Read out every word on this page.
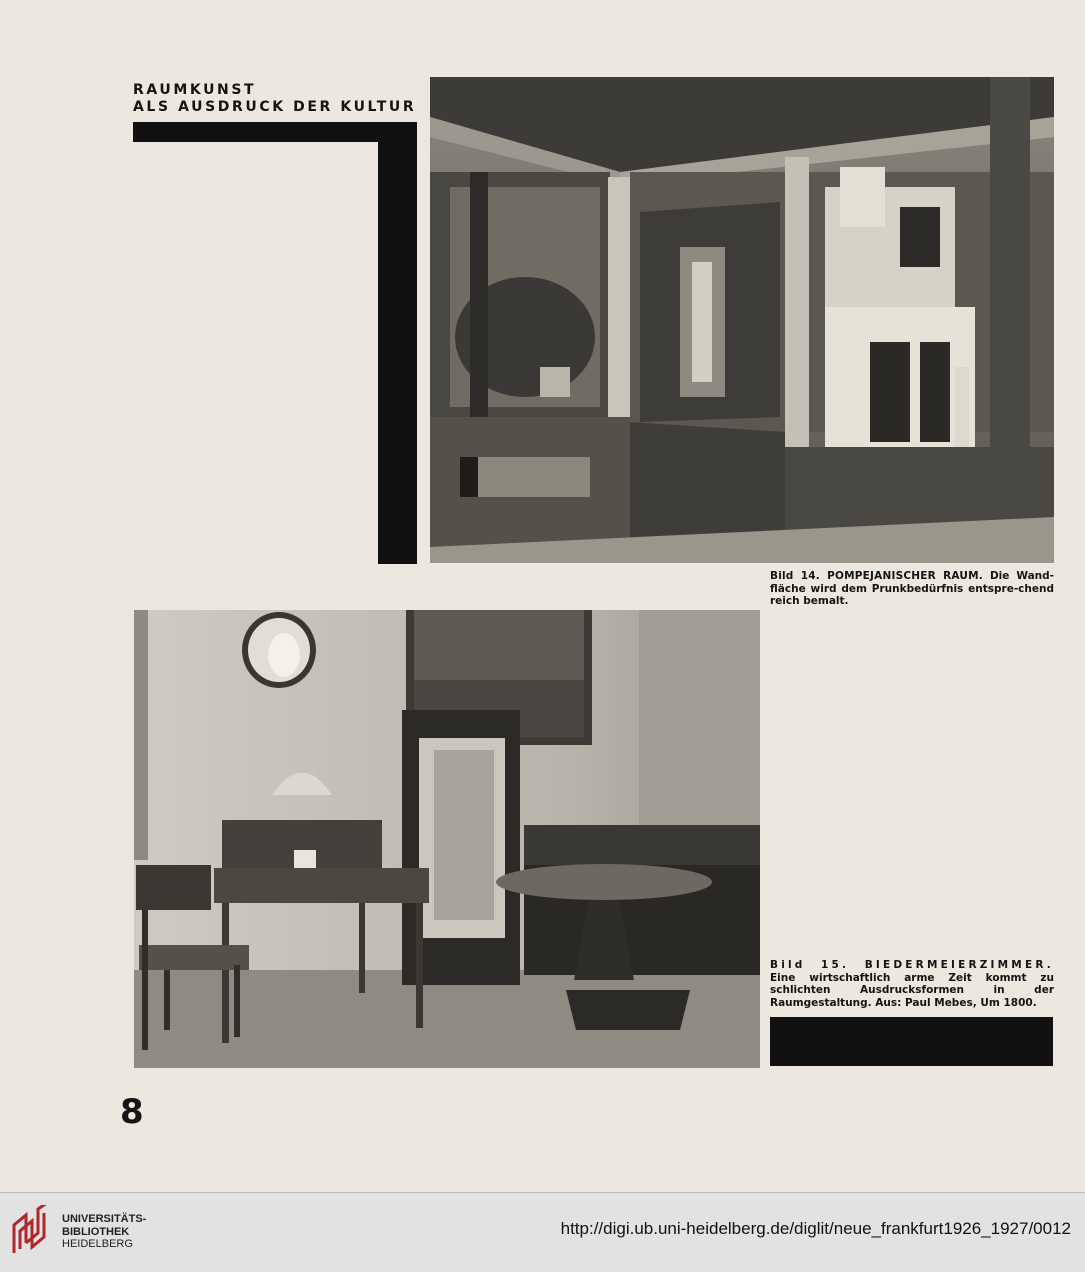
RAUMKUNST
ALS AUSDRUCK DER KULTUR
Bild 14. POMPEJANISCHER RAUM. Die Wand‐fläche wird dem Prunkbedürfnis entspre‐chend reich bemalt.
Bild 15. BIEDERMEIERZIMMER. Eine wirtschaftlich arme Zeit kommt zu schlichten Ausdrucksformen in der Raumgestaltung. Aus: Paul Mebes, Um 1800.
8
UNIVERSITÄTS-
BIBLIOTHEK
HEIDELBERG
http://digi.ub.uni-heidelberg.de/diglit/neue_frankfurt1926_1927/0012
